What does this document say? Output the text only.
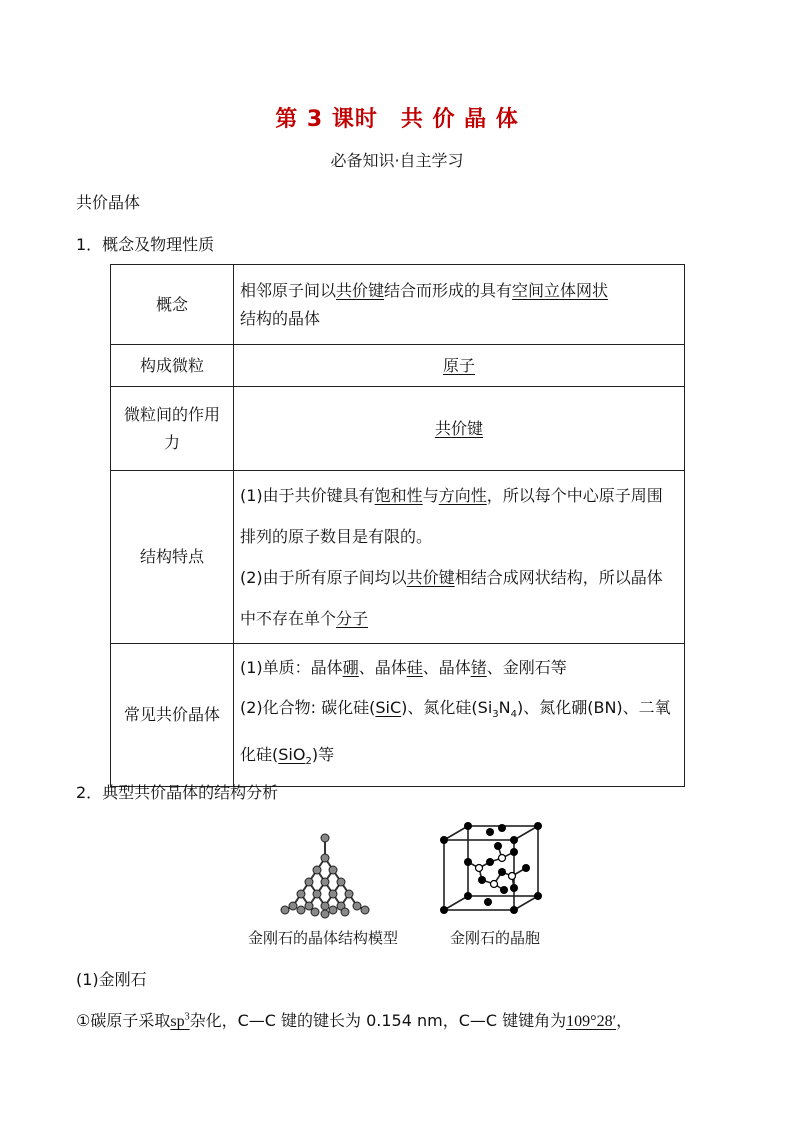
第 3 课时　共 价 晶 体
必备知识·自主学习
共价晶体
1．概念及物理性质
概念	相邻原子间以共价键结合而形成的具有空间立体网状
结构的晶体
构成微粒	原子
微粒间的作用力	共价键
结构特点	(1)由于共价键具有饱和性与方向性，所以每个中心原子周围排列的原子数目是有限的。
(2)由于所有原子间均以共价键相结合成网状结构，所以晶体中不存在单个分子
常见共价晶体	(1)单质：晶体硼、晶体硅、晶体锗、金刚石等
(2)化合物: 碳化硅(SiC)、氮化硅$(Si_3N_4)$、氮化硼(BN)、二氧化硅(SiO$_2$)等
2．典型共价晶体的结构分析
金刚石的晶体结构模型	金刚石的晶胞
(1)金刚石
①碳原子采取$sp^3$杂化，C—C 键的键长为 0.154 nm，C—C 键键角为109°28′，
